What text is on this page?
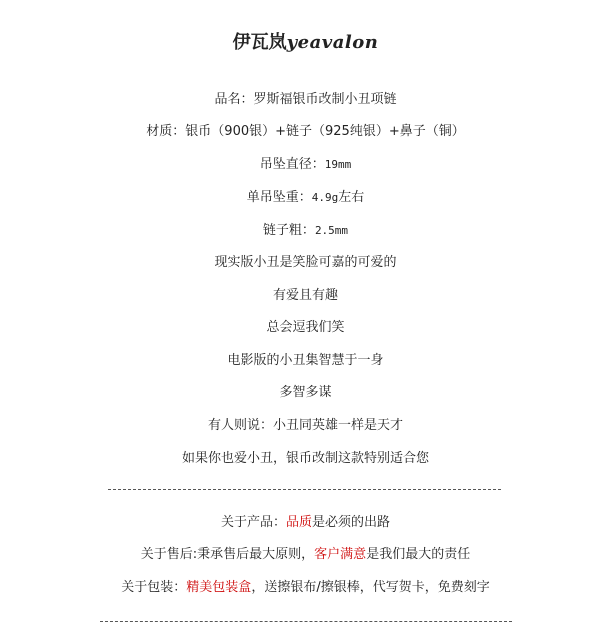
伊瓦岚yeavalon
品名：罗斯福银币改制小丑项链
材质：银币（900银）+链子（925纯银）+鼻子（铜）
吊坠直径：19mm
单吊坠重：4.9g左右
链子粗：2.5mm
现实版小丑是笑脸可嘉的可爱的
有爱且有趣
总会逗我们笑
电影版的小丑集智慧于一身
多智多谋
有人则说：小丑同英雄一样是天才
如果你也爱小丑，银币改制这款特别适合您
关于产品：品质是必须的出路
关于售后:秉承售后最大原则，客户满意是我们最大的责任
关于包装：精美包装盒，送擦银布/擦银棒，代写贺卡，免费刻字
